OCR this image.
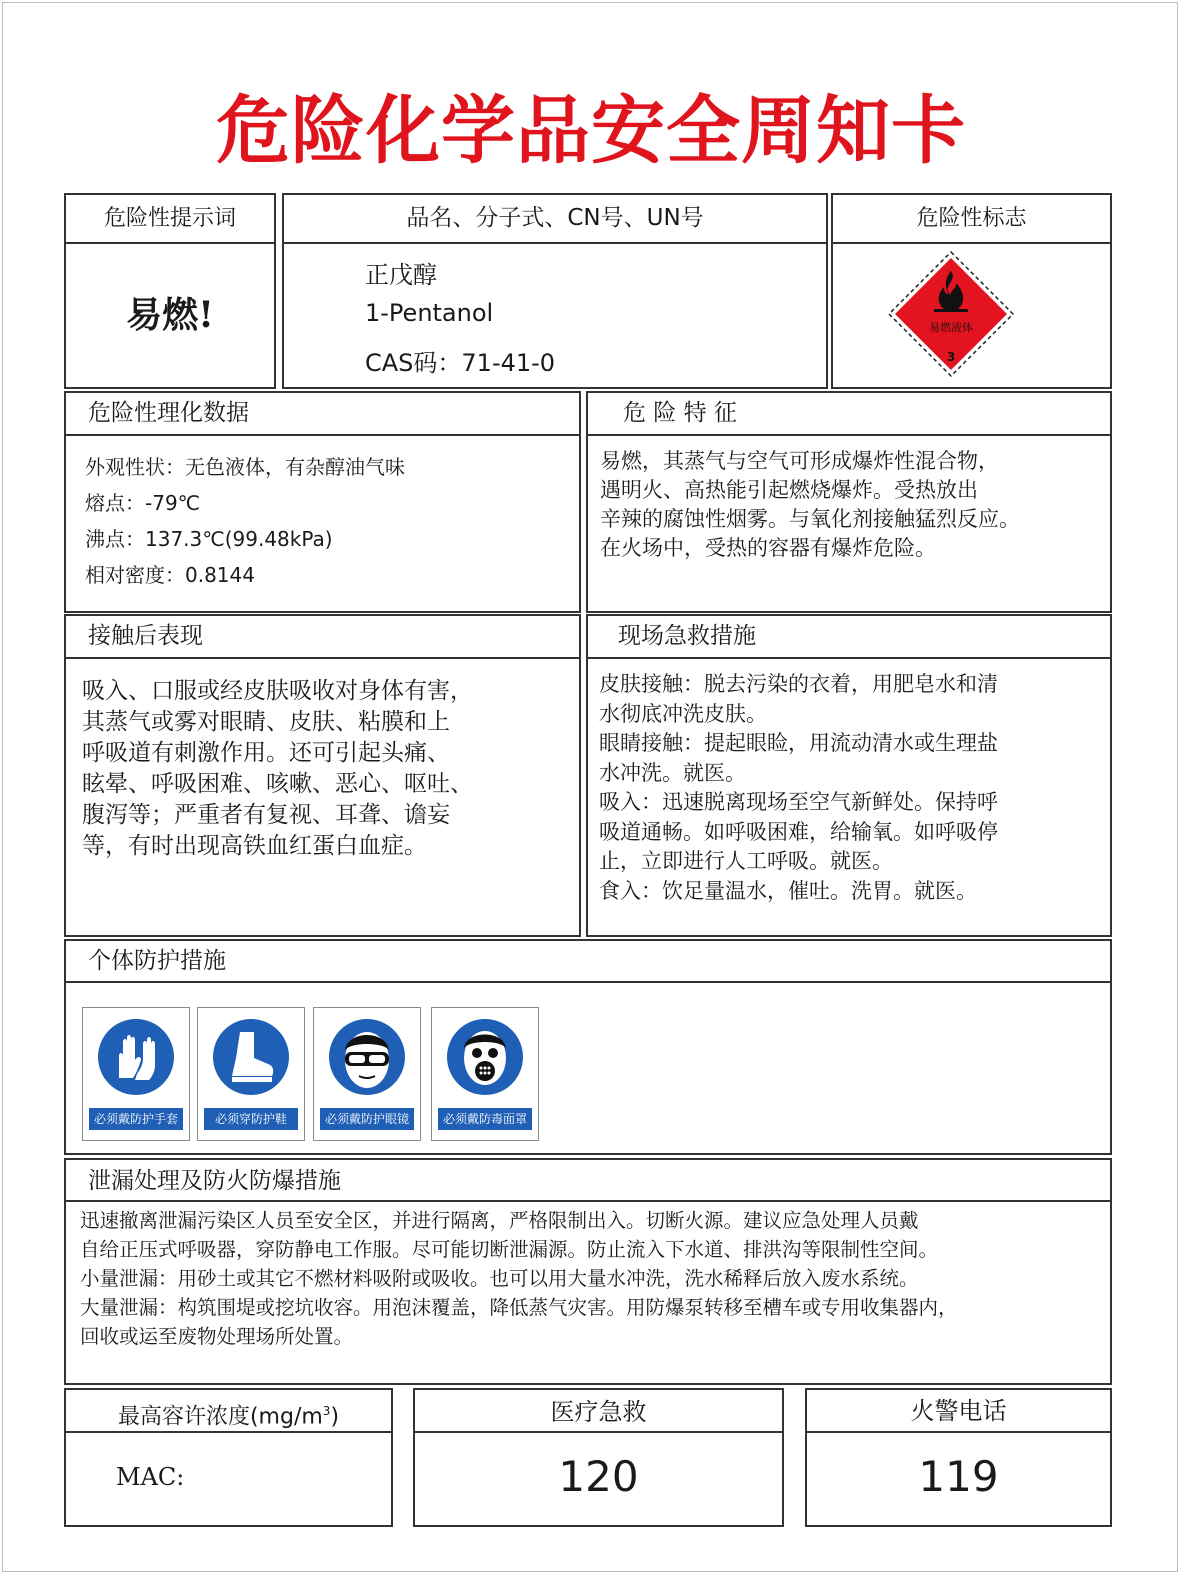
危险化学品安全周知卡
危险性提示词
易燃!
品名、分子式、CN号、UN号
正戊醇
1-Pentanol
CAS码：71-41-0
危险性标志
易燃液体
3
危险性理化数据
外观性状：无色液体，有杂醇油气味
熔点：-79℃
沸点：137.3℃(99.48kPa)
相对密度：0.8144
危 险 特 征
易燃，其蒸气与空气可形成爆炸性混合物，
遇明火、高热能引起燃烧爆炸。受热放出
辛辣的腐蚀性烟雾。与氧化剂接触猛烈反应。
在火场中，受热的容器有爆炸危险。
接触后表现
吸入、口服或经皮肤吸收对身体有害，
其蒸气或雾对眼睛、皮肤、粘膜和上
呼吸道有刺激作用。还可引起头痛、
眩晕、呼吸困难、咳嗽、恶心、呕吐、
腹泻等；严重者有复视、耳聋、谵妄
等，有时出现高铁血红蛋白血症。
现场急救措施
皮肤接触：脱去污染的衣着，用肥皂水和清
水彻底冲洗皮肤。
眼睛接触：提起眼睑，用流动清水或生理盐
水冲洗。就医。
吸入：迅速脱离现场至空气新鲜处。保持呼
吸道通畅。如呼吸困难，给输氧。如呼吸停
止，立即进行人工呼吸。就医。
食入：饮足量温水，催吐。洗胃。就医。
个体防护措施
必须戴防护手套	必须穿防护鞋	必须戴防护眼镜	必须戴防毒面罩
泄漏处理及防火防爆措施
迅速撤离泄漏污染区人员至安全区，并进行隔离，严格限制出入。切断火源。建议应急处理人员戴
自给正压式呼吸器，穿防静电工作服。尽可能切断泄漏源。防止流入下水道、排洪沟等限制性空间。
小量泄漏：用砂土或其它不燃材料吸附或吸收。也可以用大量水冲洗，洗水稀释后放入废水系统。
大量泄漏：构筑围堤或挖坑收容。用泡沫覆盖，降低蒸气灾害。用防爆泵转移至槽车或专用收集器内，
回收或运至废物处理场所处置。
最高容许浓度$(mg/m^3)$
MAC:
医疗急救
120
火警电话
119
